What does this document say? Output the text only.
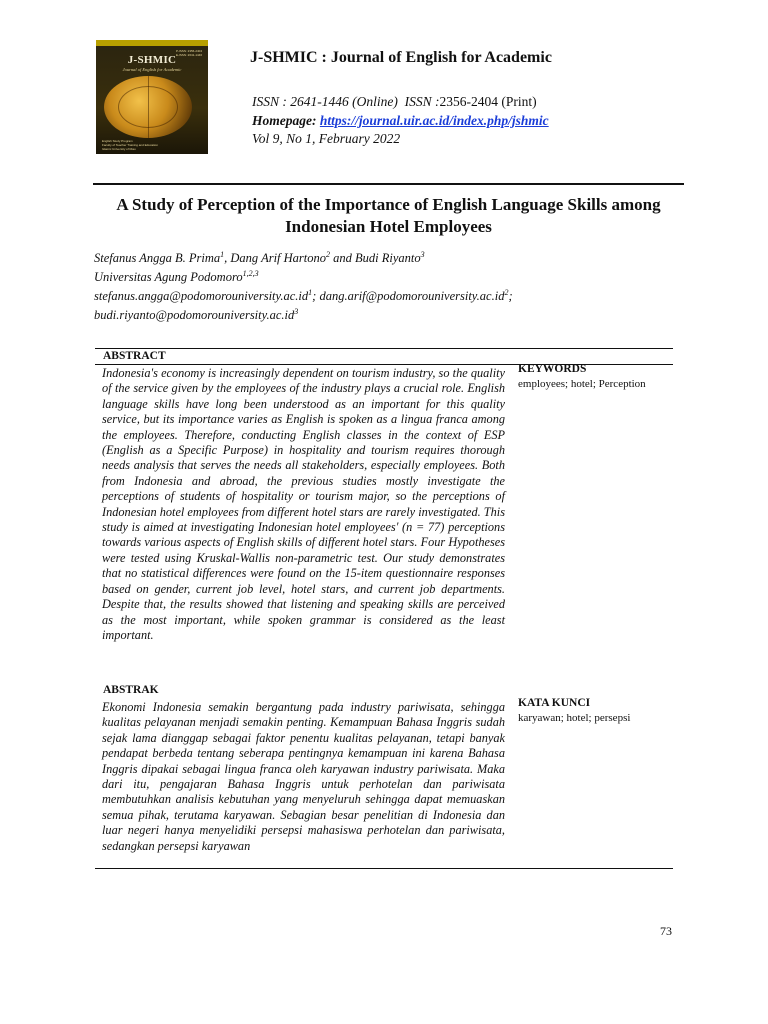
P-ISSN: 2356-2404
E-ISSN: 2641-1446
J-SHMIC
Journal of English for Academic
English Study Program
Faculty of Teacher Training and Education
Islamic University of Riau
J-SHMIC : Journal of English for Academic
ISSN : 2641-1446 (Online) ISSN :2356-2404 (Print)
Homepage: https://journal.uir.ac.id/index.php/jshmic
Vol 9, No 1, February 2022
A Study of Perception of the Importance of English Language Skills among Indonesian Hotel Employees
Stefanus Angga B. Prima$^1$, Dang Arif Hartono$^2$ and Budi Riyanto$^3$
Universitas Agung Podomoro$^{1,2,3}$
$stefanus.angga@podomorouniversity.ac.id^1$; $dang.arif@podomorouniversity.ac.id^2$;
$budi.riyanto@podomorouniversity.ac.id^3$
ABSTRACT
Indonesia's economy is increasingly dependent on tourism industry, so the quality of the service given by the employees of the industry plays a crucial role. English language skills have long been understood as an important for this quality service, but its importance varies as English is spoken as a lingua franca among the employees. Therefore, conducting English classes in the context of ESP (English as a Specific Purpose) in hospitality and tourism requires thorough needs analysis that serves the needs all stakeholders, especially employees. Both from Indonesia and abroad, the previous studies mostly investigate the perceptions of students of hospitality or tourism major, so the perceptions of Indonesian hotel employees from different hotel stars are rarely investigated. This study is aimed at investigating Indonesian hotel employees' (n = 77) perceptions towards various aspects of English skills of different hotel stars. Four Hypotheses were tested using Kruskal-Wallis non-parametric test. Our study demonstrates that no statistical differences were found on the 15-item questionnaire responses based on gender, current job level, hotel stars, and current job departments. Despite that, the results showed that listening and speaking skills are perceived as the most important, while spoken grammar is considered as the least important.
KEYWORDS
employees; hotel; Perception
ABSTRAK
Ekonomi Indonesia semakin bergantung pada industry pariwisata, sehingga kualitas pelayanan menjadi semakin penting. Kemampuan Bahasa Inggris sudah sejak lama dianggap sebagai faktor penentu kualitas pelayanan, tetapi banyak pendapat berbeda tentang seberapa pentingnya kemampuan ini karena Bahasa Inggris dipakai sebagai lingua franca oleh karyawan industry pariwisata. Maka dari itu, pengajaran Bahasa Inggris untuk perhotelan dan pariwisata membutuhkan analisis kebutuhan yang menyeluruh sehingga dapat memuaskan semua pihak, terutama karyawan. Sebagian besar penelitian di Indonesia dan luar negeri hanya menyelidiki persepsi mahasiswa perhotelan dan pariwisata, sedangkan persepsi karyawan
KATA KUNCI
karyawan; hotel; persepsi
73
